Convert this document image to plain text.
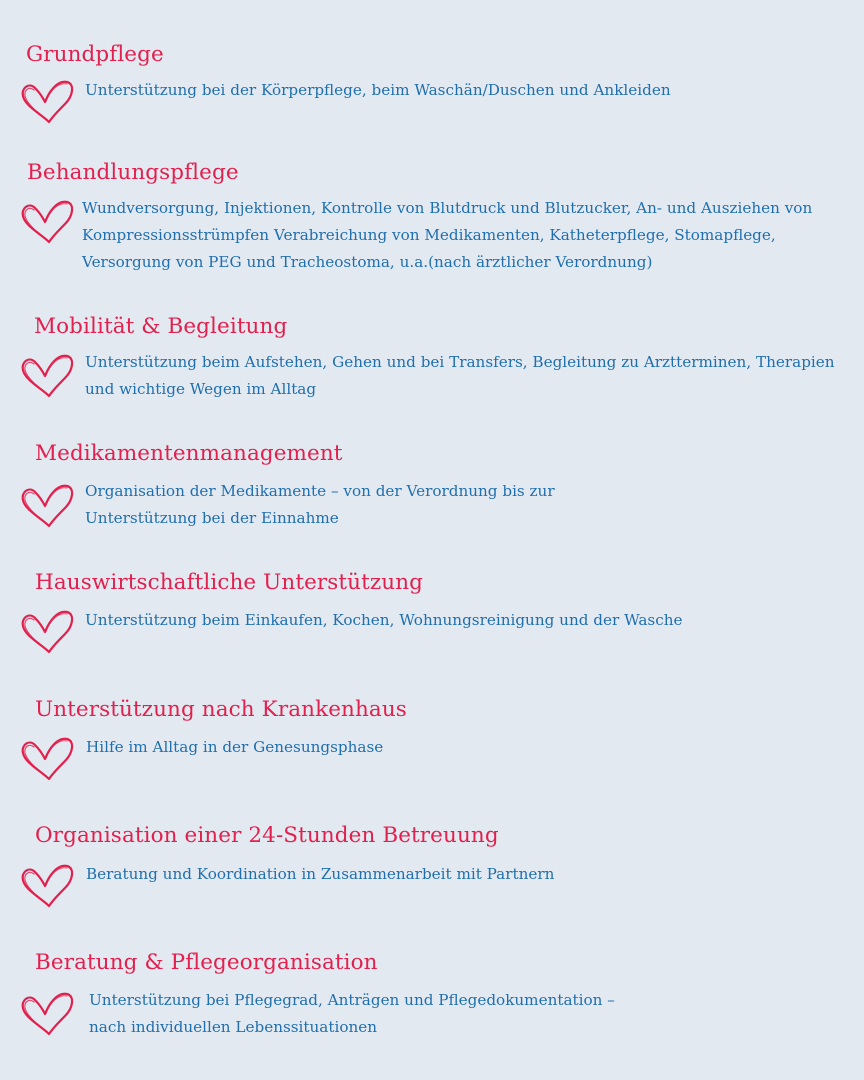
Grundpflege

Unterstützung bei der Körperpflege, beim Waschän/Duschen und Ankleiden

Behandlungspflege

Wundversorgung, Injektionen, Kontrolle von Blutdruck und Blutzucker, An- und Ausziehen von
Kompressionsstrümpfen Verabreichung von Medikamenten, Katheterpflege, Stomapflege,
Versorgung von PEG und Tracheostoma, u.a.(nach ärztlicher Verordnung)

Mobilität & Begleitung

Unterstützung beim Aufstehen, Gehen und bei Transfers, Begleitung zu Arztterminen, Therapien
und wichtige Wegen im Alltag

Medikamentenmanagement

Organisation der Medikamente – von der Verordnung bis zur
Unterstützung bei der Einnahme

Hauswirtschaftliche Unterstützung

Unterstützung beim Einkaufen, Kochen, Wohnungsreinigung und der Wasche

Unterstützung nach Krankenhaus

Hilfe im Alltag in der Genesungsphase

Organisation einer 24-Stunden Betreuung

Beratung und Koordination in Zusammenarbeit mit Partnern

Beratung & Pflegeorganisation

Unterstützung bei Pflegegrad, Anträgen und Pflegedokumentation –
nach individuellen Lebenssituationen
